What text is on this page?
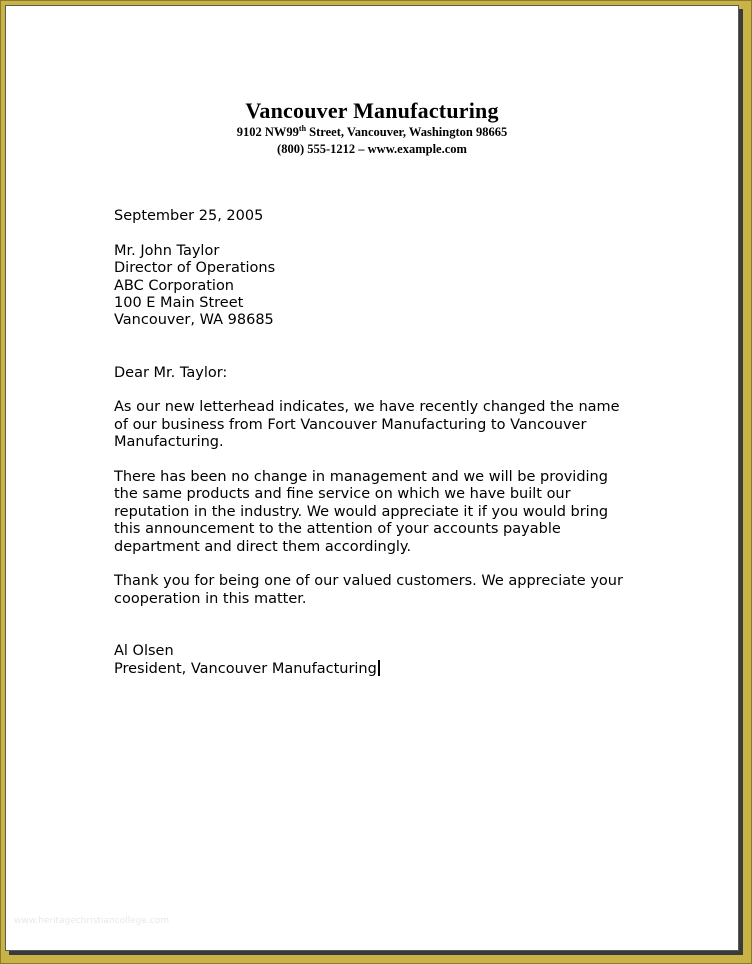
Vancouver Manufacturing
9102 NW99th Street, Vancouver, Washington 98665
(800) 555-1212 – www.example.com
September 25, 2005
Mr. John Taylor
Director of Operations
ABC Corporation
100 E Main Street
Vancouver, WA 98685
Dear Mr. Taylor:
As our new letterhead indicates, we have recently changed the name
of our business from Fort Vancouver Manufacturing to Vancouver
Manufacturing.
There has been no change in management and we will be providing
the same products and fine service on which we have built our
reputation in the industry. We would appreciate it if you would bring
this announcement to the attention of your accounts payable
department and direct them accordingly.
Thank you for being one of our valued customers. We appreciate your
cooperation in this matter.
Al Olsen
President, Vancouver Manufacturing
www.heritagechristiancollege.com
